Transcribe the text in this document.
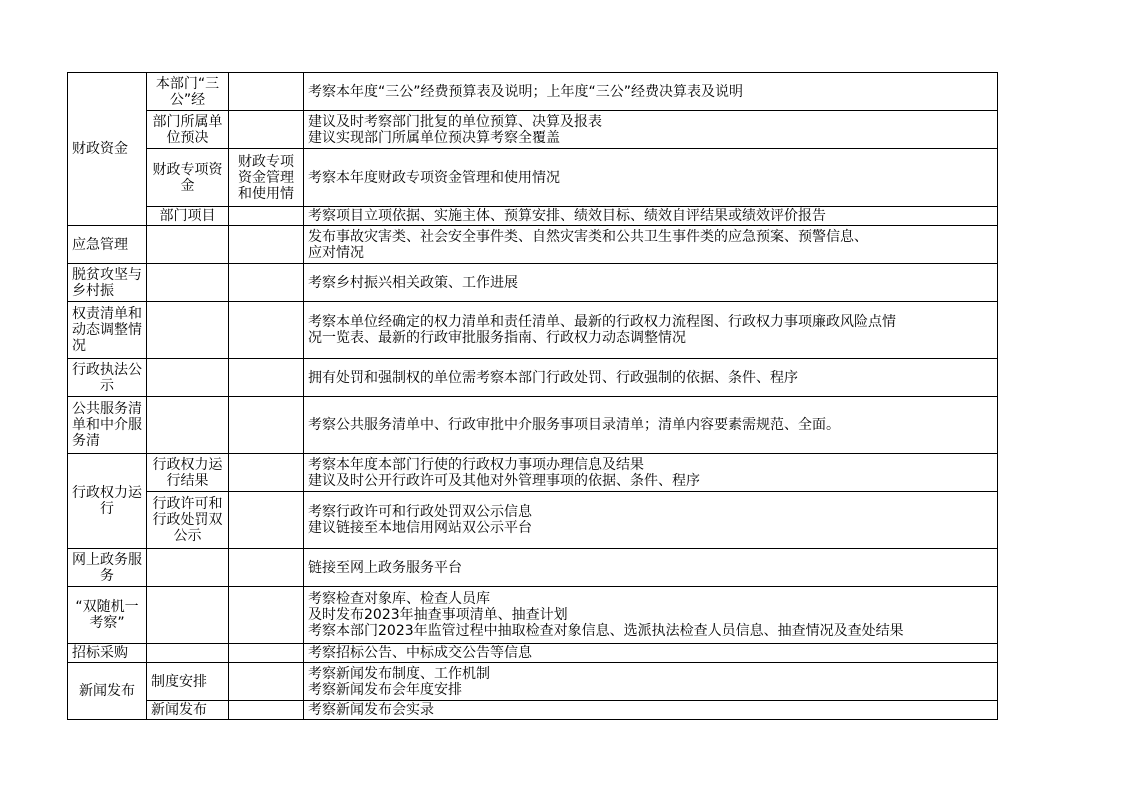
财政资金	本部门“三公”经		考察本年度“三公”经费预算表及说明；上年度“三公”经费决算表及说明

	部门所属单位预决		建议及时考察部门批复的单位预算、决算及报表
建议实现部门所属单位预决算考察全覆盖

	财政专项资金	财政专项资金管理和使用情	考察本年度财政专项资金管理和使用情况

	部门项目		考察项目立项依据、实施主体、预算安排、绩效目标、绩效自评结果或绩效评价报告

应急管理			发布事故灾害类、社会安全事件类、自然灾害类和公共卫生事件类的应急预案、预警信息、
应对情况

脱贫攻坚与乡村振			考察乡村振兴相关政策、工作进展

权责清单和动态调整情况			考察本单位经确定的权力清单和责任清单、最新的行政权力流程图、行政权力事项廉政风险点情
况一览表、最新的行政审批服务指南、行政权力动态调整情况

行政执法公示			拥有处罚和强制权的单位需考察本部门行政处罚、行政强制的依据、条件、程序

公共服务清单和中介服务清			考察公共服务清单中、行政审批中介服务事项目录清单；清单内容要素需规范、全面。

行政权力运行	行政权力运行结果		考察本年度本部门行使的行政权力事项办理信息及结果
建议及时公开行政许可及其他对外管理事项的依据、条件、程序

	行政许可和行政处罚双公示		考察行政许可和行政处罚双公示信息
建议链接至本地信用网站双公示平台

网上政务服务			链接至网上政务服务平台

“双随机一考察”			考察检查对象库、检查人员库
及时发布2023年抽查事项清单、抽查计划
考察本部门2023年监管过程中抽取检查对象信息、选派执法检查人员信息、抽查情况及查处结果

招标采购			考察招标公告、中标成交公告等信息

新闻发布	制度安排		考察新闻发布制度、工作机制
考察新闻发布会年度安排

	新闻发布		考察新闻发布会实录
